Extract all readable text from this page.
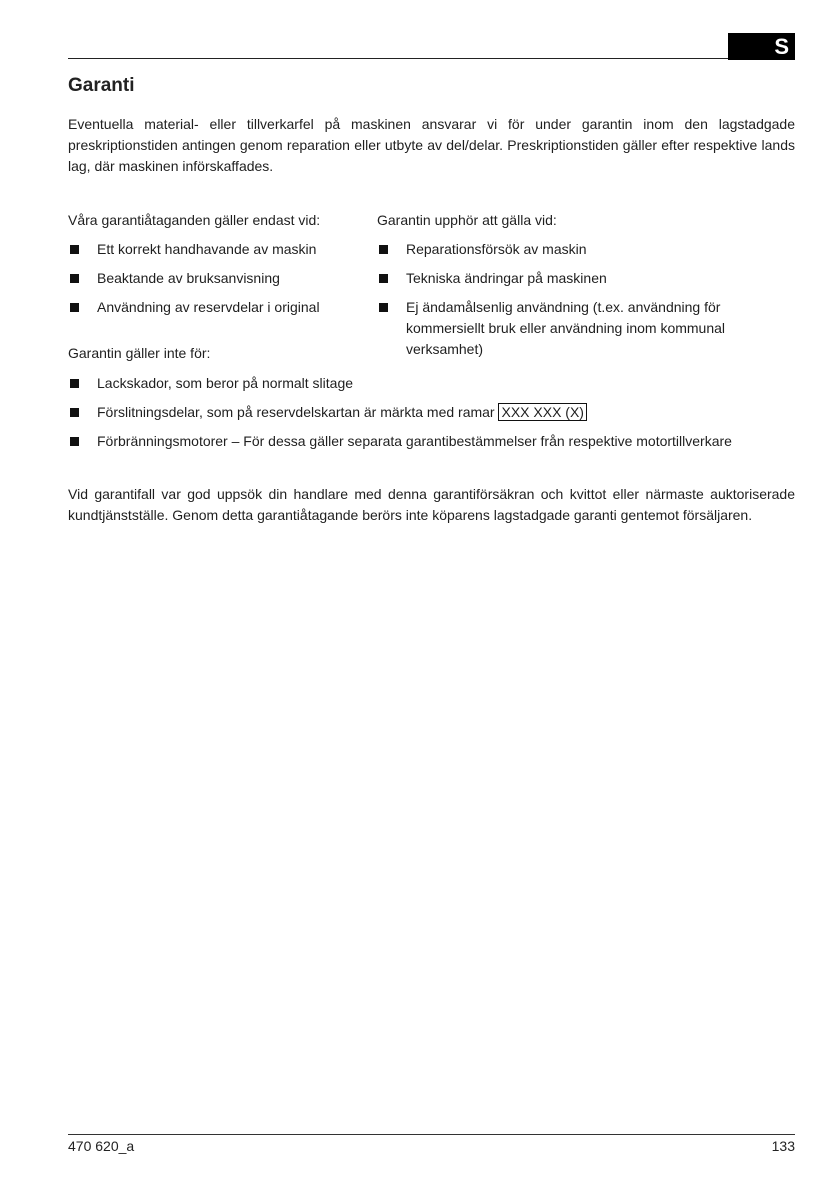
S
Garanti
Eventuella material- eller tillverkarfel på maskinen ansvarar vi för under garantin inom den lagstadgade preskriptionstiden antingen genom reparation eller utbyte av del/delar. Preskriptionstiden gäller efter respektive lands lag, där maskinen införskaffades.
Våra garantiåtaganden gäller endast vid:
Ett korrekt handhavande av maskin
Beaktande av bruksanvisning
Användning av reservdelar i original
Garantin upphör att gälla vid:
Reparationsförsök av maskin
Tekniska ändringar på maskinen
Ej ändamålsenlig användning (t.ex. användning för kommersiellt bruk eller användning inom kommunal verksamhet)
Garantin gäller inte för:
Lackskador, som beror på normalt slitage
Förslitningsdelar, som på reservdelskartan är märkta med ramar XXX XXX (X)
Förbränningsmotorer – För dessa gäller separata garantibestämmelser från respektive motortillverkare
Vid garantifall var god uppsök din handlare med denna garantiförsäkran och kvittot eller närmaste auktoriserade kundtjänstställe. Genom detta garantiåtagande berörs inte köparens lagstadgade garanti gentemot försäljaren.
470 620_a	133
